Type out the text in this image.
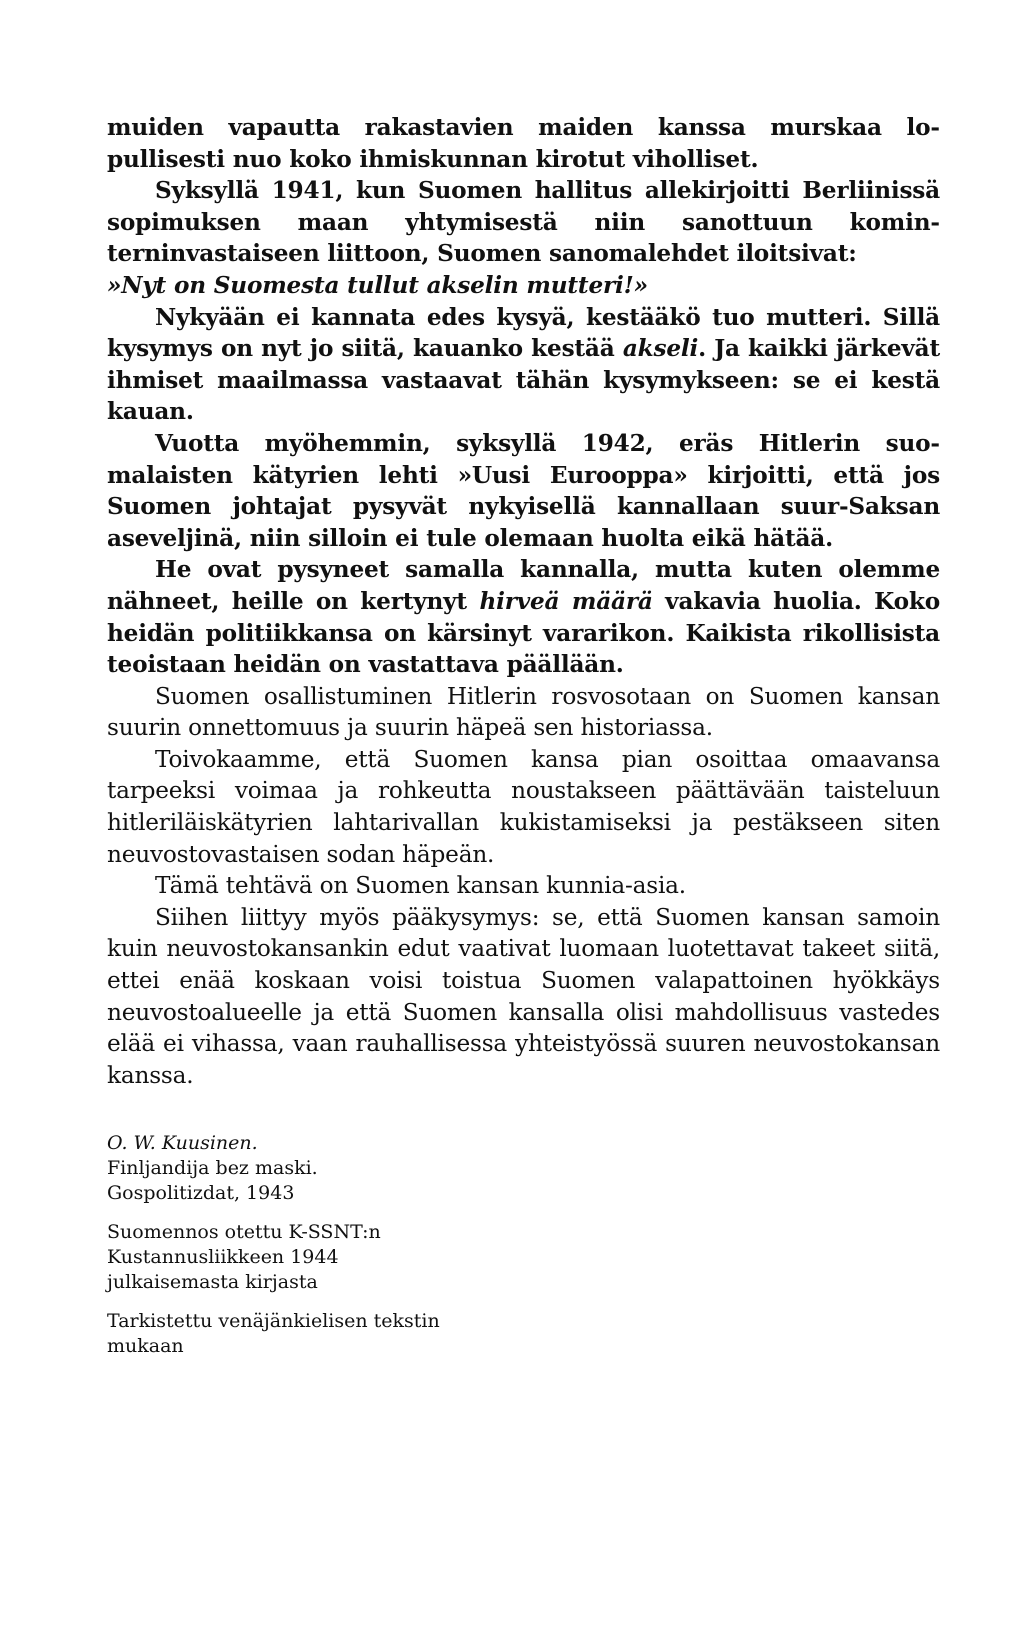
muiden vapautta rakastavien maiden kanssa murskaa lopullisesti nuo koko ihmiskunnan kirotut viholliset.

Syksyllä 1941, kun Suomen hallitus allekirjoitti Berliinissä sopimuksen maan yhtymisestä niin sanottuun kominterninvastaiseen liittoon, Suomen sanomalehdet iloitsivat:

»Nyt on Suomesta tullut akselin mutteri!»

Nykyään ei kannata edes kysyä, kestääkö tuo mutteri. Sillä kysymys on nyt jo siitä, kauanko kestää akseli. Ja kaikki järkevät ihmiset maailmassa vastaavat tähän kysymykseen: se ei kestä kauan.

Vuotta myöhemmin, syksyllä 1942, eräs Hitlerin suomalaisten kätyrien lehti »Uusi Eurooppa» kirjoitti, että jos Suomen johtajat pysyvät nykyisellä kannallaan suur-Saksan aseveljinä, niin silloin ei tule olemaan huolta eikä hätää.

He ovat pysyneet samalla kannalla, mutta kuten olemme nähneet, heille on kertynyt hirveä määrä vakavia huolia. Koko heidän politiikkansa on kärsinyt vararikon. Kaikista rikollisista teoistaan heidän on vastattava päällään.

Suomen osallistuminen Hitlerin rosvosotaan on Suomen kansan suurin onnettomuus ja suurin häpeä sen historiassa.

Toivokaamme, että Suomen kansa pian osoittaa omaavansa tarpeeksi voimaa ja rohkeutta noustakseen päättävään taisteluun hitleriläiskätyrien lahtarivallan kukistamiseksi ja pestäkseen siten neuvostovastaisen sodan häpeän.

Tämä tehtävä on Suomen kansan kunnia-asia.

Siihen liittyy myös pääkysymys: se, että Suomen kansan samoin kuin neuvostokansankin edut vaativat luomaan luotettavat takeet siitä, ettei enää koskaan voisi toistua Suomen valapattoinen hyökkäys neuvostoalueelle ja että Suomen kansalla olisi mahdollisuus vastedes elää ei vihassa, vaan rauhallisessa yhteistyössä suuren neuvostokansan kanssa.

O. W. Kuusinen.
Finljandija bez maski.
Gospolitizdat, 1943
Suomennos otettu K-SSNT:n
Kustannusliikkeen 1944
julkaisemasta kirjasta
Tarkistettu venäjänkielisen tekstin
mukaan
